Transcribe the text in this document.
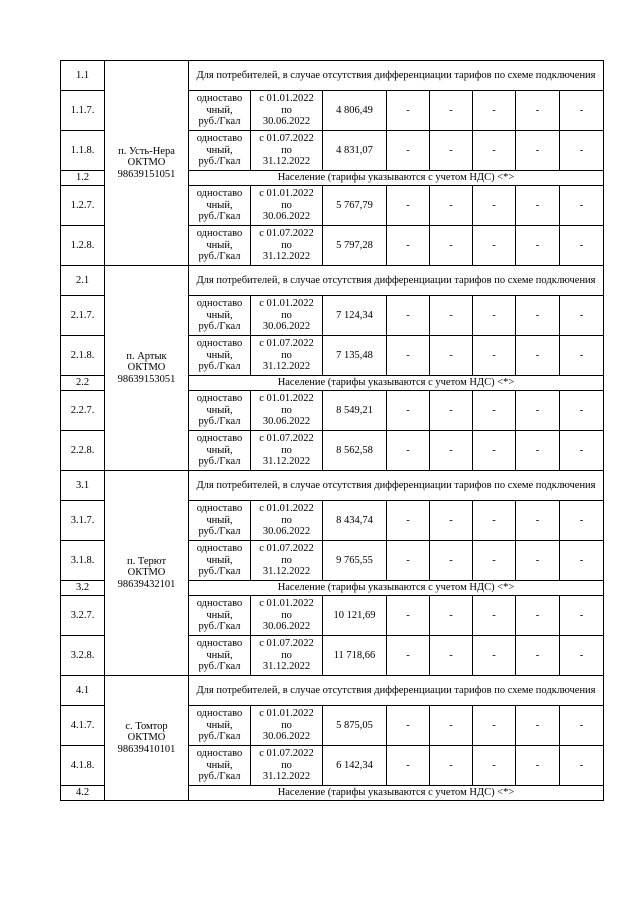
1.1	п. Усть-Нера
ОКТМО
98639151051	Для потребителей, в случае отсутствия дифференциации тарифов по схеме подключения							
1.1.7.		одноставо
чный,
руб./Гкал	с 01.01.2022
по
30.06.2022	4 806,49	-	-	-	-	-
1.1.8.		одноставо
чный,
руб./Гкал	с 01.07.2022
по
31.12.2022	4 831,07	-	-	-	-	-
1.2		Население (тарифы указываются с учетом НДС) <*>							
1.2.7.		одноставо
чный,
руб./Гкал	с 01.01.2022
по
30.06.2022	5 767,79	-	-	-	-	-
1.2.8.		одноставо
чный,
руб./Гкал	с 01.07.2022
по
31.12.2022	5 797,28	-	-	-	-	-
2.1	п. Артык
ОКТМО
98639153051	Для потребителей, в случае отсутствия дифференциации тарифов по схеме подключения							
2.1.7.		одноставо
чный,
руб./Гкал	с 01.01.2022
по
30.06.2022	7 124,34	-	-	-	-	-
2.1.8.		одноставо
чный,
руб./Гкал	с 01.07.2022
по
31.12.2022	7 135,48	-	-	-	-	-
2.2		Население (тарифы указываются с учетом НДС) <*>							
2.2.7.		одноставо
чный,
руб./Гкал	с 01.01.2022
по
30.06.2022	8 549,21	-	-	-	-	-
2.2.8.		одноставо
чный,
руб./Гкал	с 01.07.2022
по
31.12.2022	8 562,58	-	-	-	-	-
3.1	п. Терют
ОКТМО
98639432101	Для потребителей, в случае отсутствия дифференциации тарифов по схеме подключения							
3.1.7.		одноставо
чный,
руб./Гкал	с 01.01.2022
по
30.06.2022	8 434,74	-	-	-	-	-
3.1.8.		одноставо
чный,
руб./Гкал	с 01.07.2022
по
31.12.2022	9 765,55	-	-	-	-	-
3.2		Население (тарифы указываются с учетом НДС) <*>							
3.2.7.		одноставо
чный,
руб./Гкал	с 01.01.2022
по
30.06.2022	10 121,69	-	-	-	-	-
3.2.8.		одноставо
чный,
руб./Гкал	с 01.07.2022
по
31.12.2022	11 718,66	-	-	-	-	-
4.1	с. Томтор
ОКТМО
98639410101	Для потребителей, в случае отсутствия дифференциации тарифов по схеме подключения							
4.1.7.		одноставо
чный,
руб./Гкал	с 01.01.2022
по
30.06.2022	5 875,05	-	-	-	-	-
4.1.8.		одноставо
чный,
руб./Гкал	с 01.07.2022
по
31.12.2022	6 142,34	-	-	-	-	-
4.2		Население (тарифы указываются с учетом НДС) <*>							
